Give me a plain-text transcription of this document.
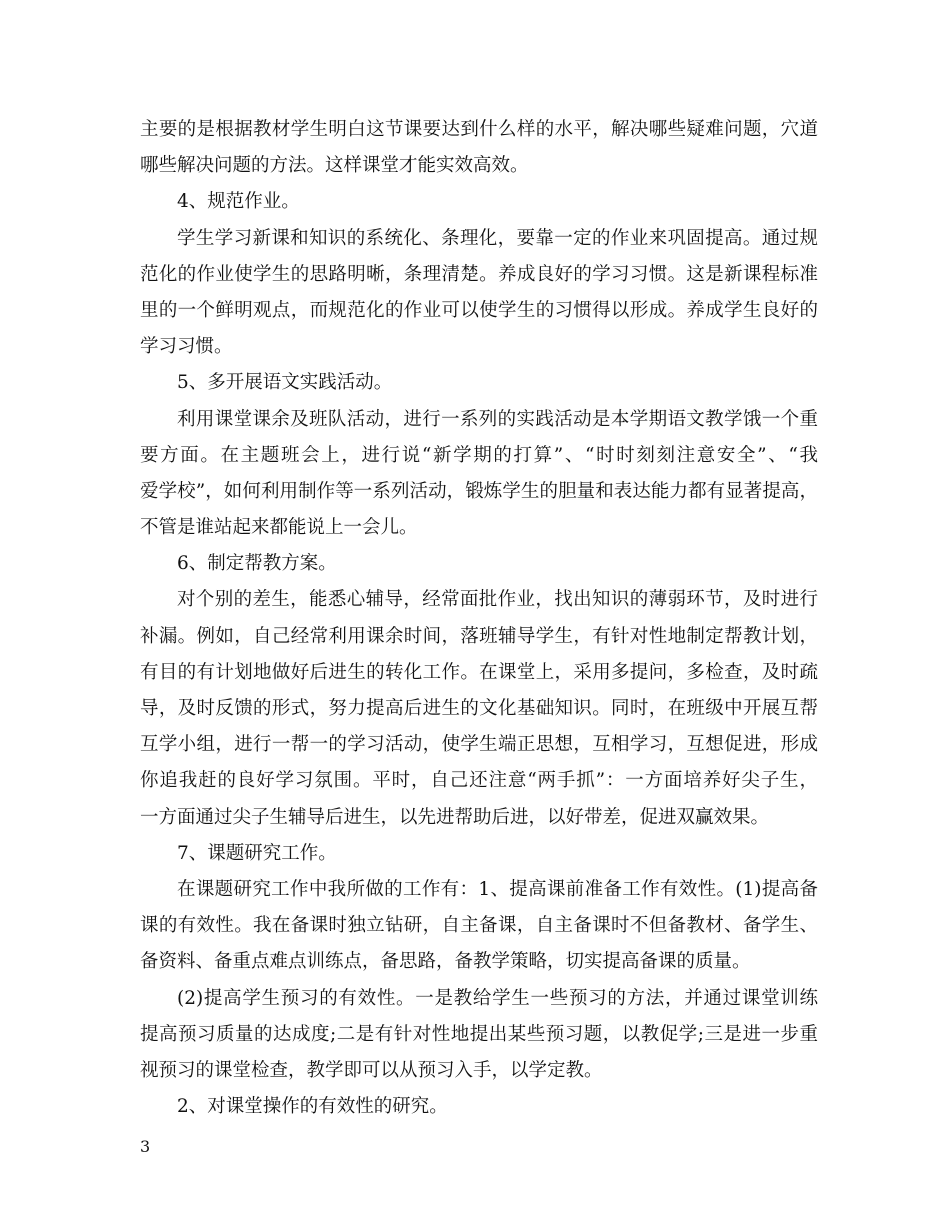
主要的是根据教材学生明白这节课要达到什么样的水平，解决哪些疑难问题，穴道
哪些解决问题的方法。这样课堂才能实效高效。
4、规范作业。
学生学习新课和知识的系统化、条理化，要靠一定的作业来巩固提高。通过规
范化的作业使学生的思路明晰，条理清楚。养成良好的学习习惯。这是新课程标准
里的一个鲜明观点，而规范化的作业可以使学生的习惯得以形成。养成学生良好的
学习习惯。
5、多开展语文实践活动。
利用课堂课余及班队活动，进行一系列的实践活动是本学期语文教学饿一个重
要方面。在主题班会上，进行说“新学期的打算”、“时时刻刻注意安全”、“我
爱学校”，如何利用制作等一系列活动，锻炼学生的胆量和表达能力都有显著提高，
不管是谁站起来都能说上一会儿。
6、制定帮教方案。
对个别的差生，能悉心辅导，经常面批作业，找出知识的薄弱环节，及时进行
补漏。例如，自己经常利用课余时间，落班辅导学生，有针对性地制定帮教计划，
有目的有计划地做好后进生的转化工作。在课堂上，采用多提问，多检查，及时疏
导，及时反馈的形式，努力提高后进生的文化基础知识。同时，在班级中开展互帮
互学小组，进行一帮一的学习活动，使学生端正思想，互相学习，互想促进，形成
你追我赶的良好学习氛围。平时，自己还注意“两手抓”：一方面培养好尖子生，
一方面通过尖子生辅导后进生，以先进帮助后进，以好带差，促进双赢效果。
7、课题研究工作。
在课题研究工作中我所做的工作有：1、提高课前准备工作有效性。(1)提高备
课的有效性。我在备课时独立钻研，自主备课，自主备课时不但备教材、备学生、
备资料、备重点难点训练点，备思路，备教学策略，切实提高备课的质量。
(2)提高学生预习的有效性。一是教给学生一些预习的方法，并通过课堂训练
提高预习质量的达成度;二是有针对性地提出某些预习题，以教促学;三是进一步重
视预习的课堂检查，教学即可以从预习入手，以学定教。
2、对课堂操作的有效性的研究。
3
